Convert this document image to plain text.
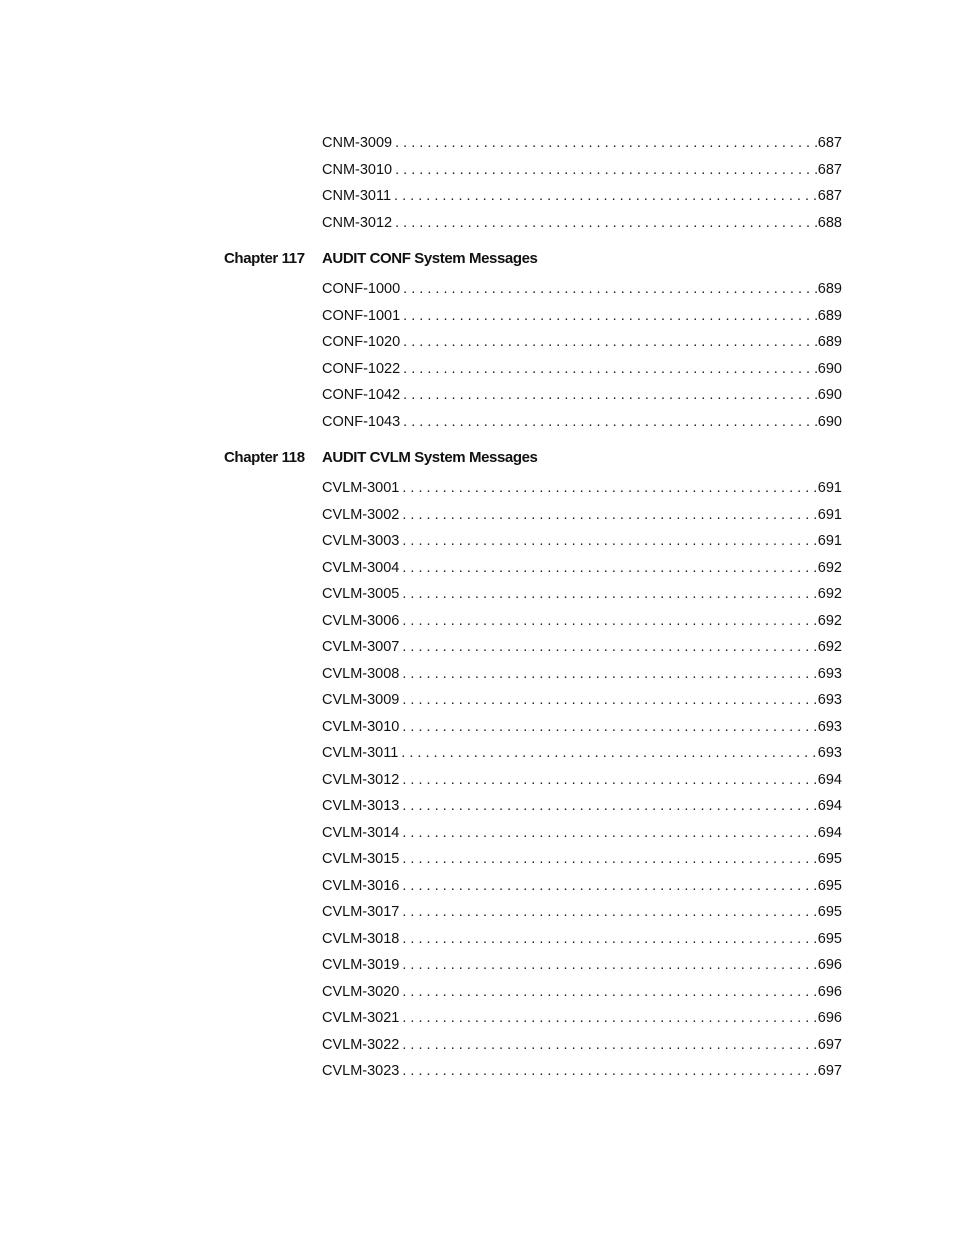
CNM-3009 . . .	687
CNM-3010 . . .	687
CNM-3011 . . .	687
CNM-3012 . . .	688
Chapter 117 AUDIT CONF System Messages
CONF-1000 . . .	689
CONF-1001 . . .	689
CONF-1020 . . .	689
CONF-1022 . . .	690
CONF-1042 . . .	690
CONF-1043 . . .	690
Chapter 118 AUDIT CVLM System Messages
CVLM-3001 . . .	691
CVLM-3002 . . .	691
CVLM-3003 . . .	691
CVLM-3004 . . .	692
CVLM-3005 . . .	692
CVLM-3006 . . .	692
CVLM-3007 . . .	692
CVLM-3008 . . .	693
CVLM-3009 . . .	693
CVLM-3010 . . .	693
CVLM-3011 . . .	693
CVLM-3012 . . .	694
CVLM-3013 . . .	694
CVLM-3014 . . .	694
CVLM-3015 . . .	695
CVLM-3016 . . .	695
CVLM-3017 . . .	695
CVLM-3018 . . .	695
CVLM-3019 . . .	696
CVLM-3020 . . .	696
CVLM-3021 . . .	696
CVLM-3022 . . .	697
CVLM-3023 . . .	697
